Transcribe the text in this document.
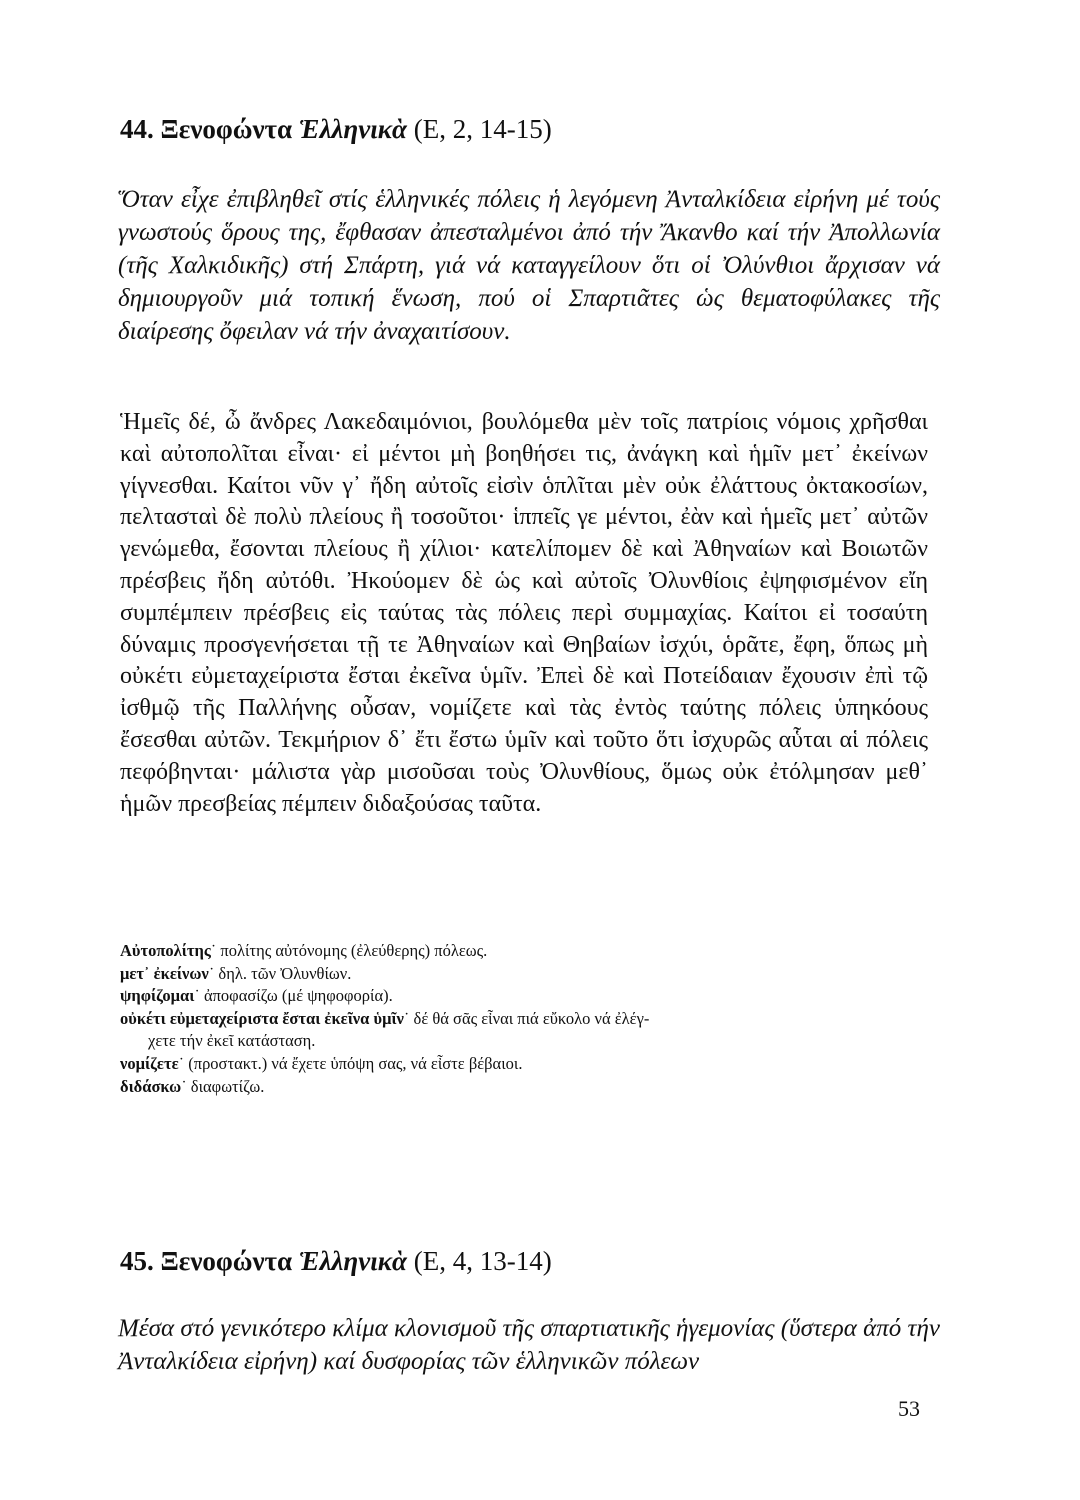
44. Ξενοφώντα Ἑλληνικὰ (Ε, 2, 14-15)
Ὅταν εἶχε ἐπιβληθεῖ στίς ἑλληνικές πόλεις ἡ λεγόμενη Ἀνταλκίδεια εἰρήνη μέ τούς γνωστούς ὅρους της, ἔφθασαν ἀπεσταλμένοι ἀπό τήν Ἄκανθο καί τήν Ἀπολλωνία (τῆς Χαλκιδικῆς) στή Σπάρτη, γιά νά καταγγείλουν ὅτι οἱ Ὀλύνθιοι ἄρχισαν νά δημιουργοῦν μιά τοπική ἕνωση, πού οἱ Σπαρτιᾶτες ὡς θεματοφύλακες τῆς διαίρεσης ὄφειλαν νά τήν ἀναχαιτίσουν.
Ἡμεῖς δέ, ὦ ἄνδρες Λακεδαιμόνιοι, βουλόμεθα μὲν τοῖς πατρίοις νόμοις χρῆσθαι καὶ αὐτοπολῖται εἶναι· εἰ μέντοι μὴ βοηθήσει τις, ἀνάγκη καὶ ἡμῖν μετ᾽ ἐκείνων γίγνεσθαι. Καίτοι νῦν γ᾽ ἤδη αὐτοῖς εἰσὶν ὁπλῖται μὲν οὐκ ἐλάττους ὀκτακοσίων, πελτασταὶ δὲ πολὺ πλείους ἢ τοσοῦτοι· ἱππεῖς γε μέντοι, ἐὰν καὶ ἡμεῖς μετ᾽ αὐτῶν γενώμεθα, ἔσονται πλείους ἢ χίλιοι· κατελίπομεν δὲ καὶ Ἀθηναίων καὶ Βοιωτῶν πρέσβεις ἤδη αὐτόθι. Ἠκούομεν δὲ ὡς καὶ αὐτοῖς Ὀλυνθίοις ἐψηφισμένον εἴη συμπέμπειν πρέσβεις εἰς ταύτας τὰς πόλεις περὶ συμμαχίας. Καίτοι εἰ τοσαύτη δύναμις προσγενήσεται τῇ τε Ἀθηναίων καὶ Θηβαίων ἰσχύι, ὁρᾶτε, ἔφη, ὅπως μὴ οὐκέτι εὐμεταχείριστα ἔσται ἐκεῖνα ὑμῖν. Ἐπεὶ δὲ καὶ Ποτείδαιαν ἔχουσιν ἐπὶ τῷ ἰσθμῷ τῆς Παλλήνης οὖσαν, νομίζετε καὶ τὰς ἐντὸς ταύτης πόλεις ὑπηκόους ἔσεσθαι αὐτῶν. Τεκμήριον δ᾽ ἔτι ἔστω ὑμῖν καὶ τοῦτο ὅτι ἰσχυρῶς αὗται αἱ πόλεις πεφόβηνται· μάλιστα γὰρ μισοῦσαι τοὺς Ὀλυνθίους, ὅμως οὐκ ἐτόλμησαν μεθ᾽ ἡμῶν πρεσβείας πέμπειν διδαξούσας ταῦτα.

Αὐτοπολίτης˙ πολίτης αὐτόνομης (ἐλεύθερης) πόλεως.

μετ᾽ ἐκείνων˙ δηλ. τῶν Ὀλυνθίων.

ψηφίζομαι˙ ἀποφασίζω (μέ ψηφοφορία).

οὐκέτι εὐμεταχείριστα ἔσται ἐκεῖνα ὑμῖν˙ δέ θά σᾶς εἶναι πιά εὔκολο νά ἐλέγ-

χετε τήν ἐκεῖ κατάσταση.

νομίζετε˙ (προστακτ.) νά ἔχετε ὑπόψη σας, νά εἶστε βέβαιοι.

διδάσκω˙ διαφωτίζω.

45. Ξενοφώντα Ἑλληνικὰ (Ε, 4, 13-14)
Μέσα στό γενικότερο κλίμα κλονισμοῦ τῆς σπαρτιατικῆς ἡγεμονίας (ὕστερα ἀπό τήν Ἀνταλκίδεια εἰρήνη) καί δυσφορίας τῶν ἑλληνικῶν πόλεων
53
